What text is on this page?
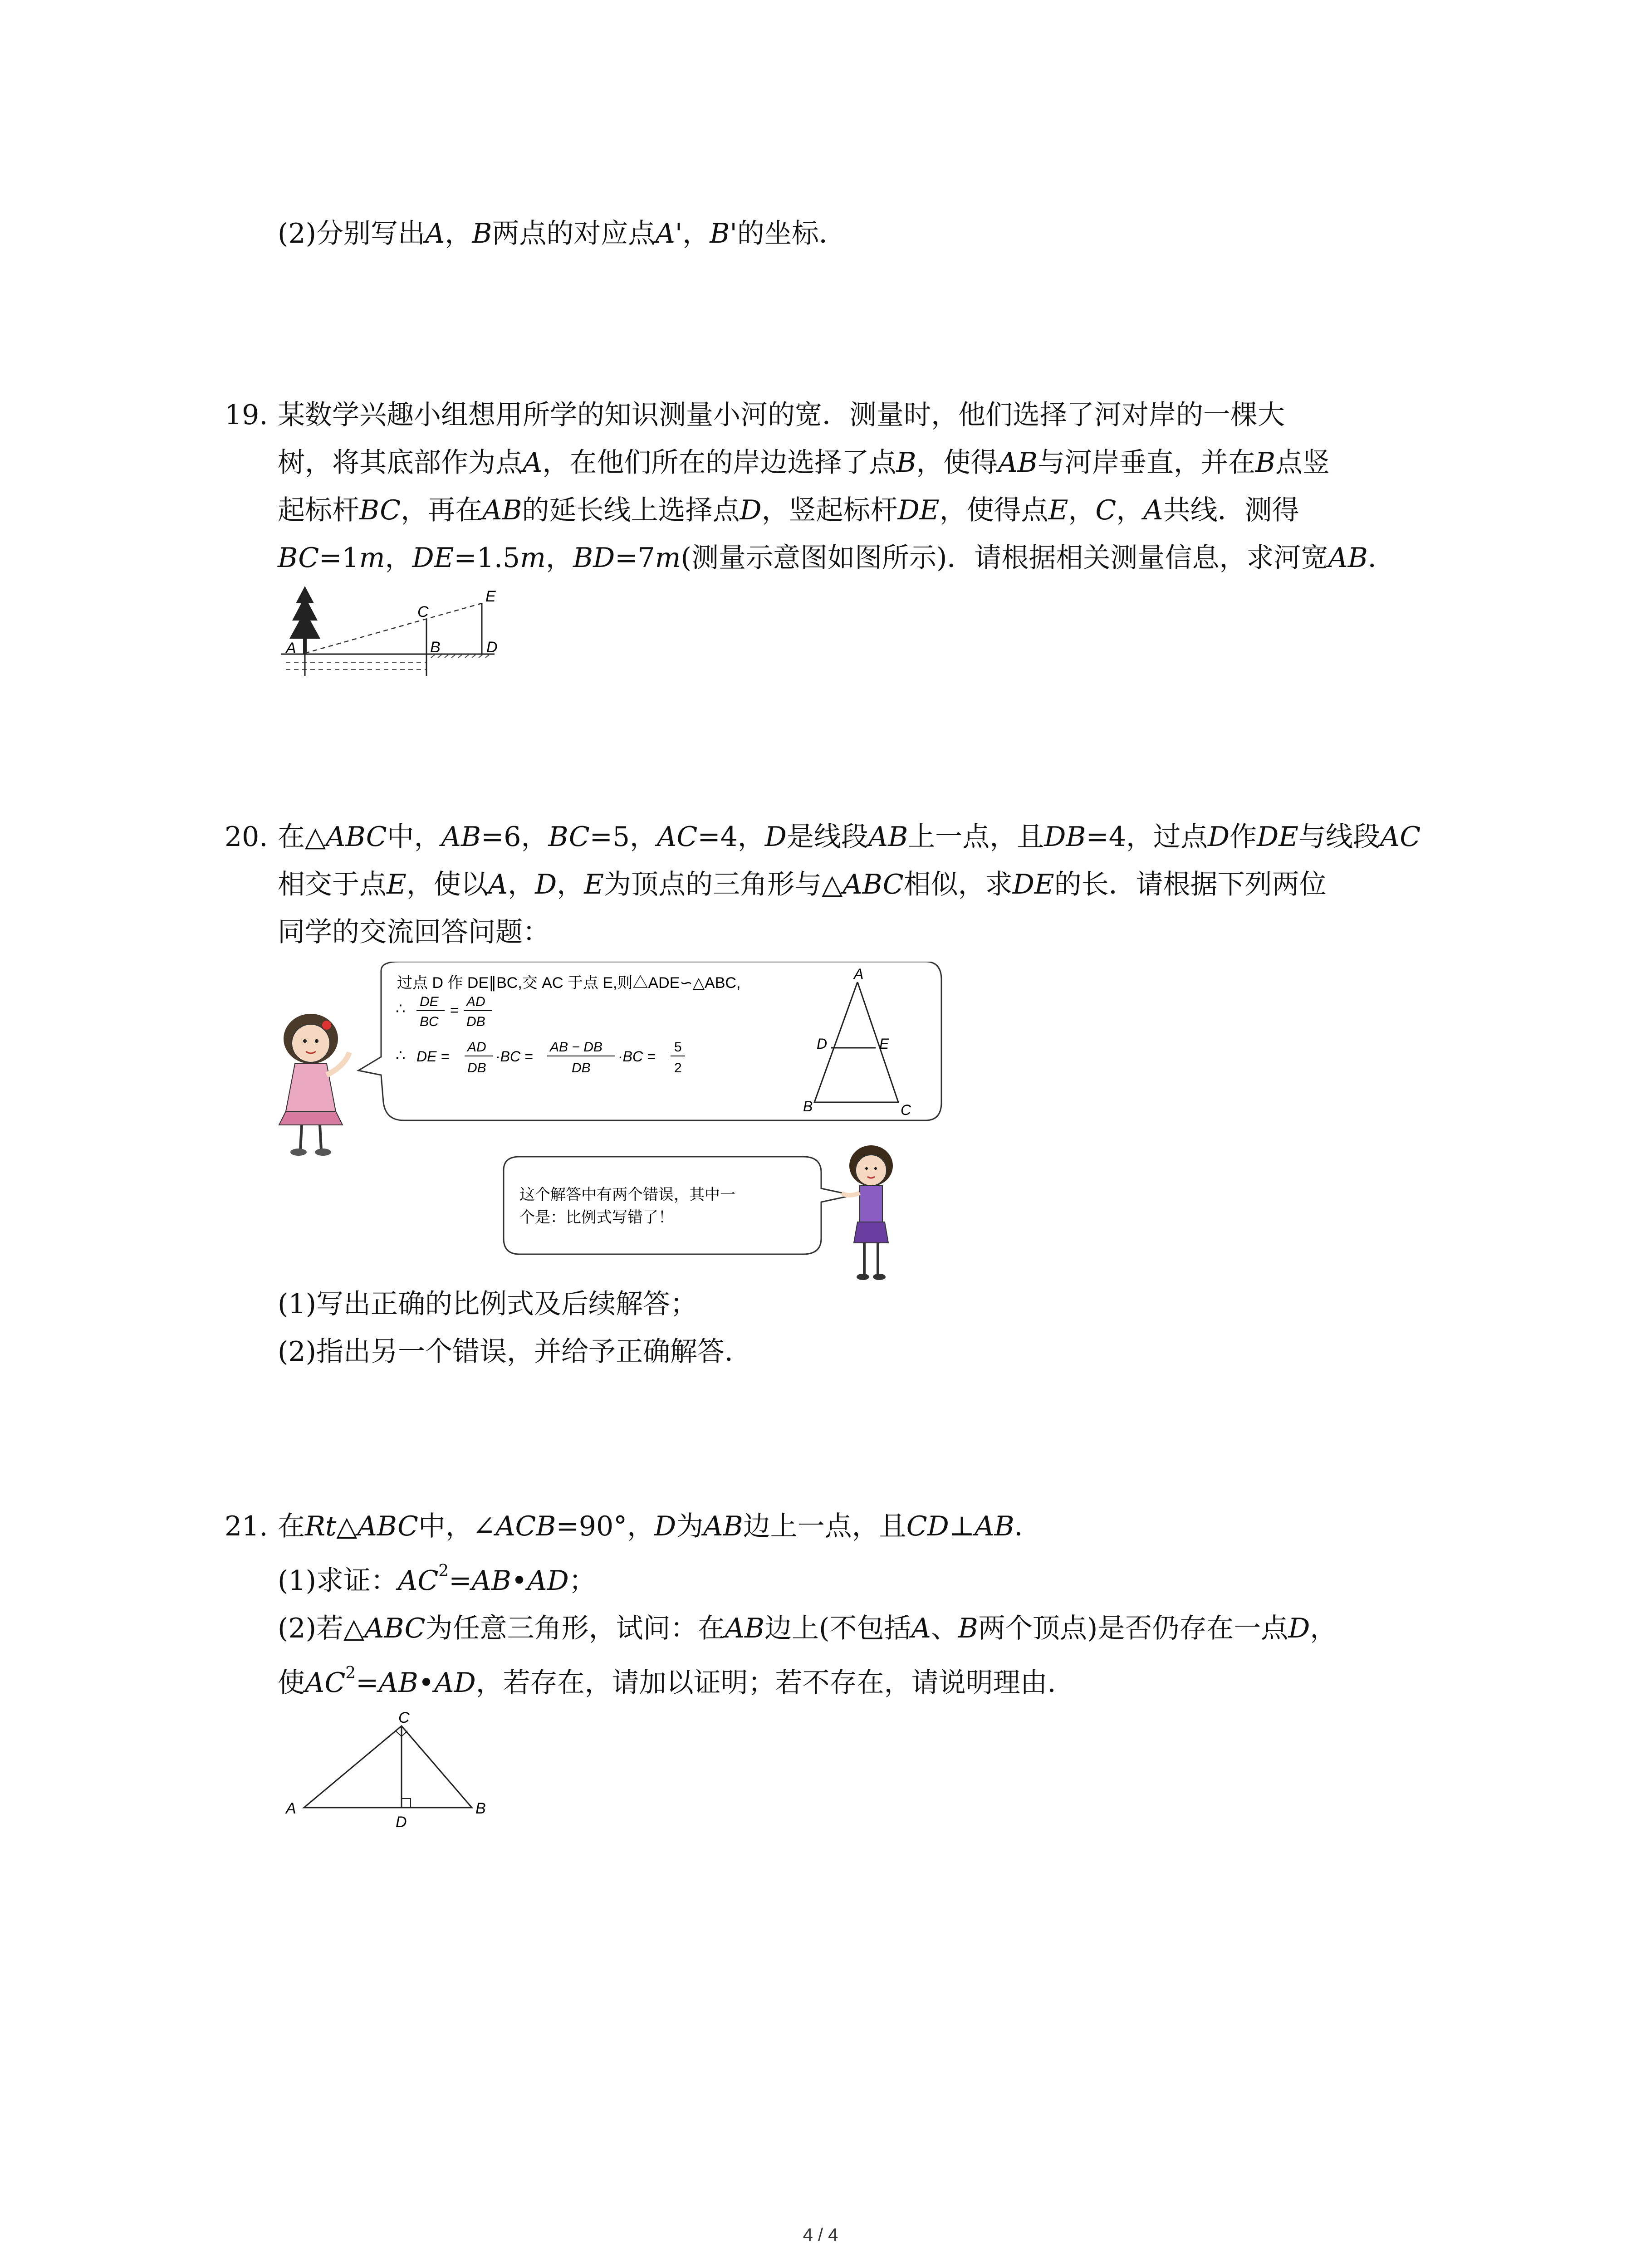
(2)分别写出A，B两点的对应点A'，B'的坐标．
19. 某数学兴趣小组想用所学的知识测量小河的宽．测量时，他们选择了河对岸的一棵大
树，将其底部作为点A，在他们所在的岸边选择了点B，使得AB与河岸垂直，并在B点竖
起标杆BC，再在AB的延长线上选择点D，竖起标杆DE，使得点E，C，A共线．测得
BC=1m，DE=1.5m，BD=7m(测量示意图如图所示)．请根据相关测量信息，求河宽AB．
A	B
C
D
E
20. 在△ABC中，AB=6，BC=5，AC=4，D是线段AB上一点，且DB=4，过点D作DE与线段AC
相交于点E，使以A，D，E为顶点的三角形与△ABC相似，求DE的长．请根据下列两位
同学的交流回答问题：
过点 D 作 DE∥BC,交 AC 于点 E,则△ADE∽△ABC,
∴ DE
BC
=
AD
DB
∴ DE =
AD
DB
·BC =
AB − DB
DB
·BC =
5
2
A
B	C
D	E
这个解答中有两个错误，其中一
个是：比例式写错了！
(1)写出正确的比例式及后续解答；
(2)指出另一个错误，并给予正确解答．
21. 在Rt△ABC中，∠ACB=90°，D为AB边上一点，且CD⊥AB．
(1)求证：$AC^2=AB•AD$；
(2)若△ABC为任意三角形，试问：在AB边上(不包括A、B两个顶点)是否仍存在一点D，
使$AC^2=AB•AD$，若存在，请加以证明；若不存在，请说明理由．
C
A	B
D
4 / 4
